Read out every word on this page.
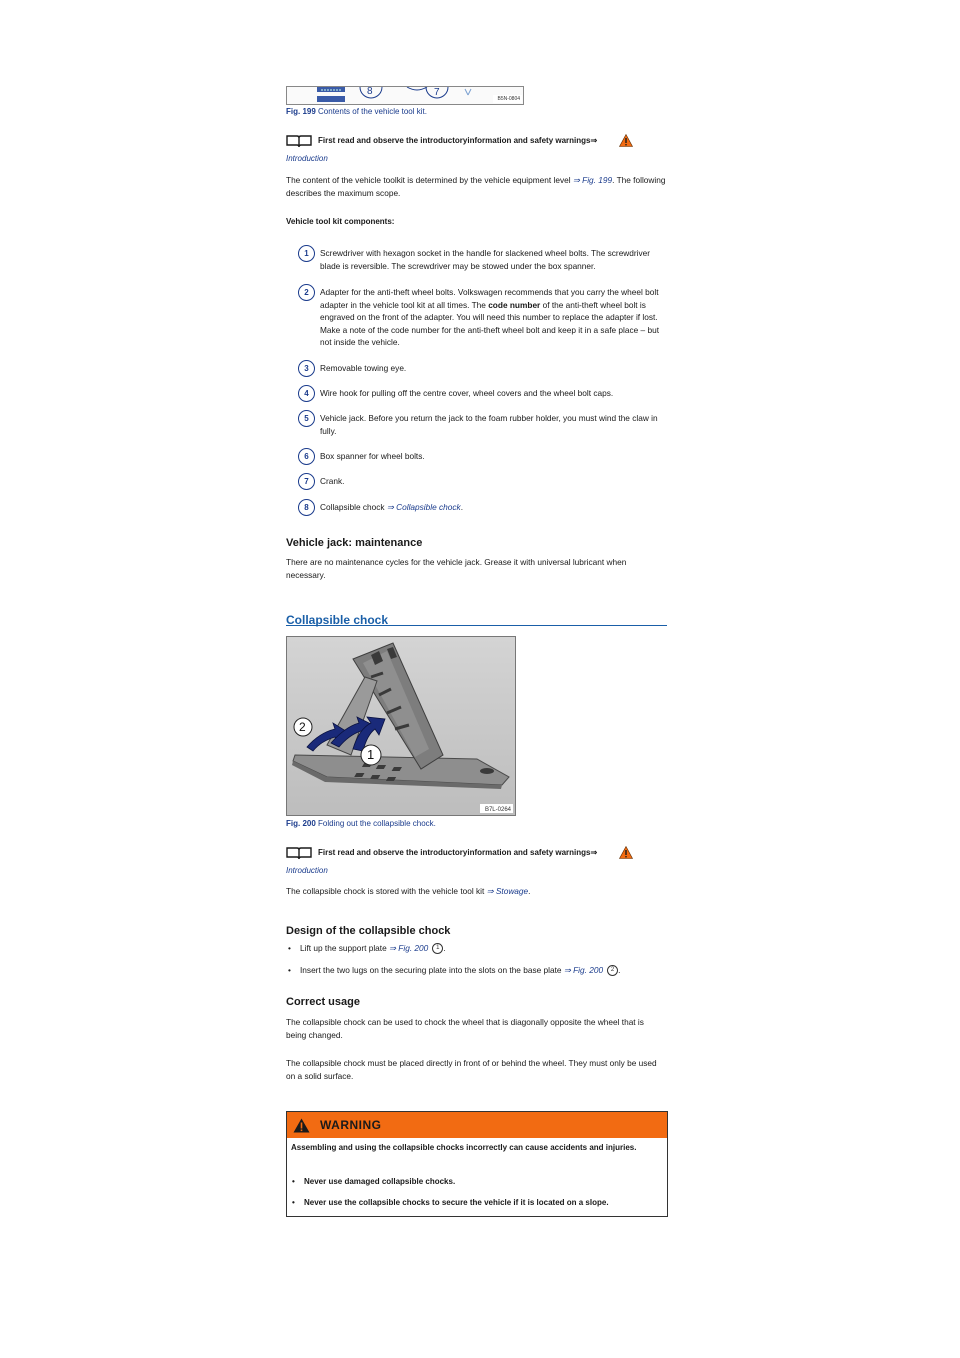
8	7
B5N-0804
Fig. 199 Contents of the vehicle tool kit.
First read and observe the introductoryinformation and safety warnings⇒
Introduction
The content of the vehicle toolkit is determined by the vehicle equipment level ⇒ Fig. 199. The following describes the maximum scope.
Vehicle tool kit components:
1	Screwdriver with hexagon socket in the handle for slackened wheel bolts. The screwdriver blade is reversible. The screwdriver may be stowed under the box spanner.
2	Adapter for the anti-theft wheel bolts. Volkswagen recommends that you carry the wheel bolt adapter in the vehicle tool kit at all times. The code number of the anti-theft wheel bolt is engraved on the front of the adapter. You will need this number to replace the adapter if lost. Make a note of the code number for the anti-theft wheel bolt and keep it in a safe place – but not inside the vehicle.
3	Removable towing eye.
4	Wire hook for pulling off the centre cover, wheel covers and the wheel bolt caps.
5	Vehicle jack. Before you return the jack to the foam rubber holder, you must wind the claw in fully.
6	Box spanner for wheel bolts.
7	Crank.
8	Collapsible chock ⇒ Collapsible chock.
Vehicle jack: maintenance
There are no maintenance cycles for the vehicle jack. Grease it with universal lubricant when necessary.
Collapsible chock
2
1
B7L-0264
Fig. 200 Folding out the collapsible chock.
First read and observe the introductoryinformation and safety warnings⇒
Introduction
The collapsible chock is stored with the vehicle tool kit ⇒ Stowage.
Design of the collapsible chock
• Lift up the support plate ⇒ Fig. 200 1 .
• Insert the two lugs on the securing plate into the slots on the base plate ⇒ Fig. 200 2 .
Correct usage
The collapsible chock can be used to chock the wheel that is diagonally opposite the wheel that is being changed.
The collapsible chock must be placed directly in front of or behind the wheel. They must only be used on a solid surface.
WARNING
Assembling and using the collapsible chocks incorrectly can cause accidents and injuries.
• Never use damaged collapsible chocks.
• Never use the collapsible chocks to secure the vehicle if it is located on a slope.
